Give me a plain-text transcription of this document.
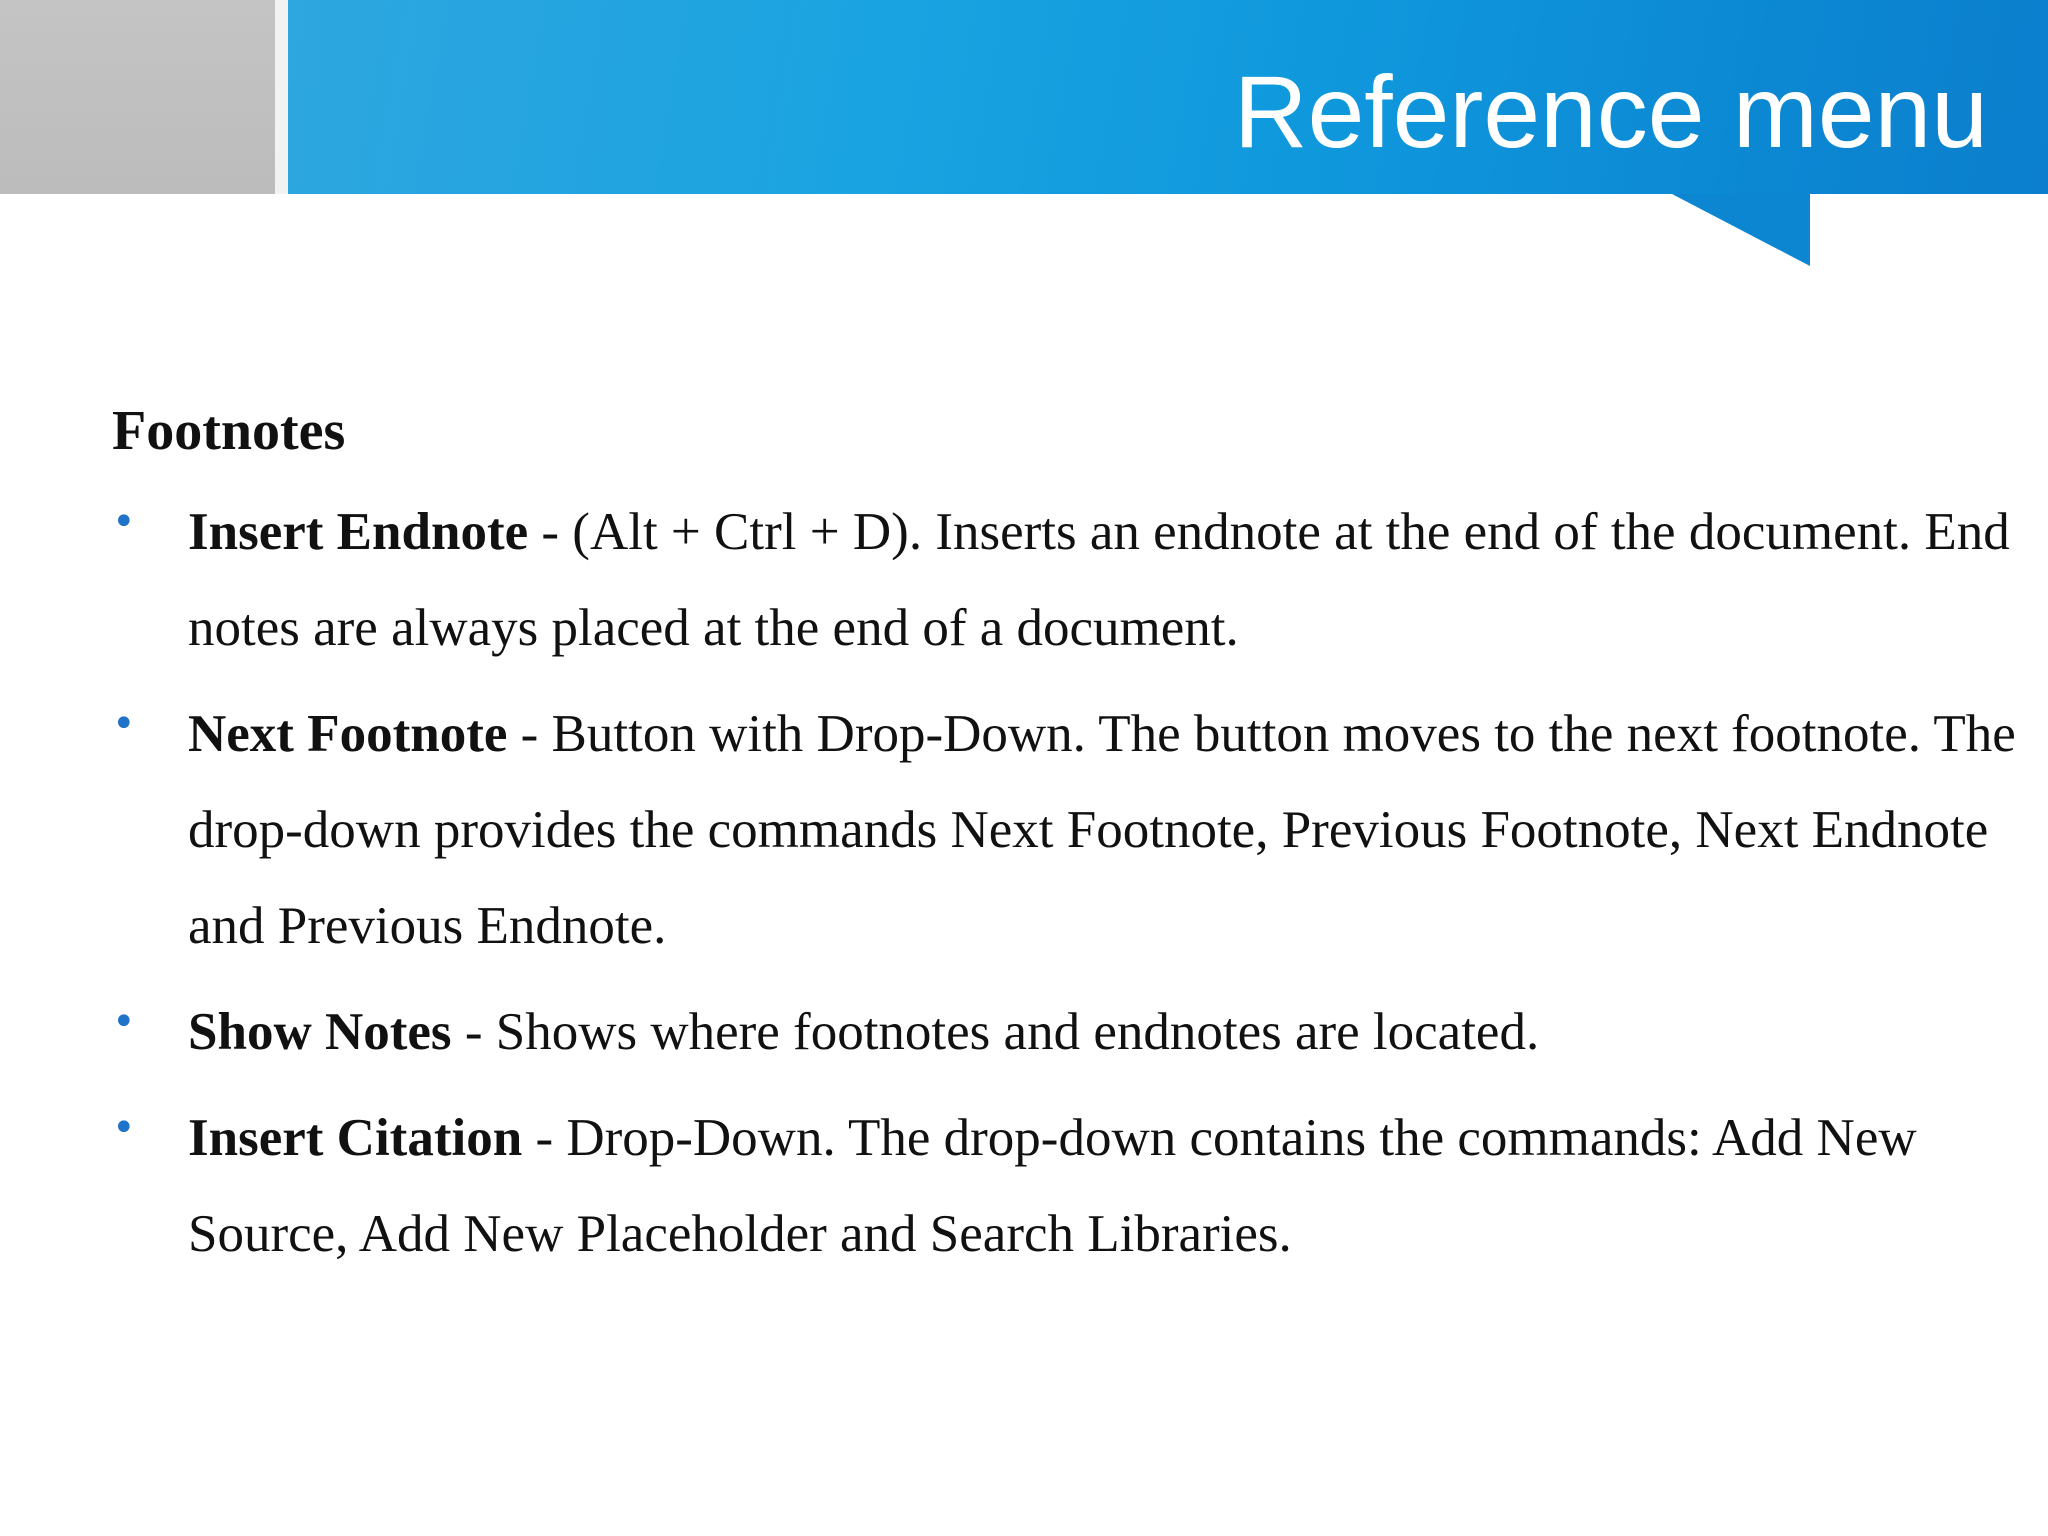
Reference menu
Footnotes
• Insert Endnote - (Alt + Ctrl + D). Inserts an endnote at the end of the document. End notes are always placed at the end of a document.
• Next Footnote - Button with Drop-Down. The button moves to the next footnote. The drop-down provides the commands Next Footnote, Previous Footnote, Next Endnote and Previous Endnote.
• Show Notes - Shows where footnotes and endnotes are located.
• Insert Citation - Drop-Down. The drop-down contains the commands: Add New Source, Add New Placeholder and Search Libraries.
